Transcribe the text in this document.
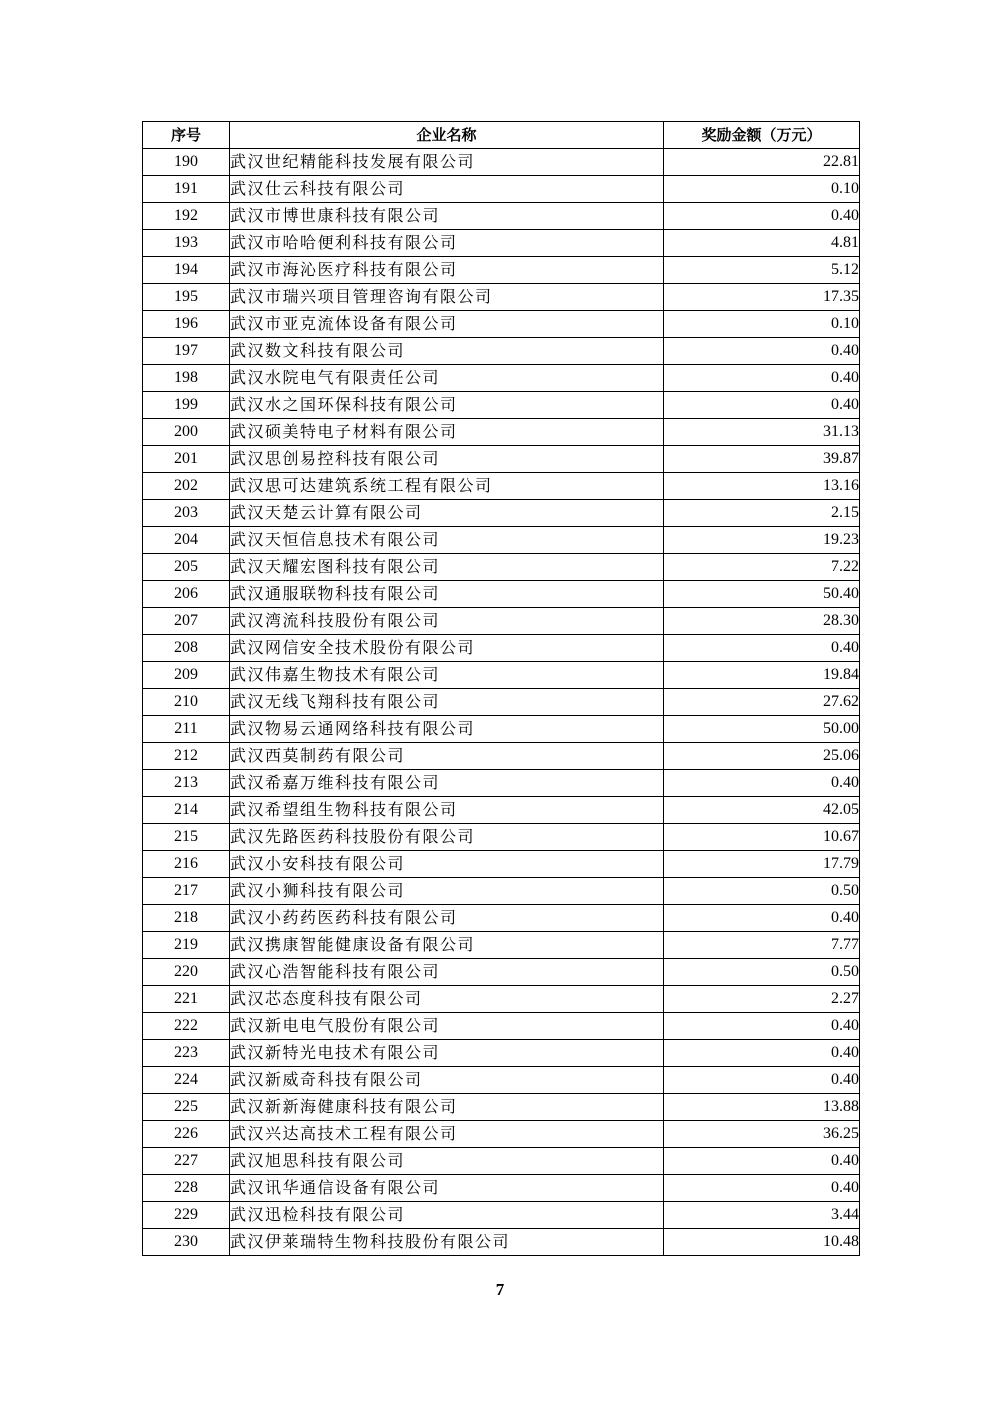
序号	企业名称	奖励金额（万元）
190	武汉世纪精能科技发展有限公司	22.81
191	武汉仕云科技有限公司	0.10
192	武汉市博世康科技有限公司	0.40
193	武汉市哈哈便利科技有限公司	4.81
194	武汉市海沁医疗科技有限公司	5.12
195	武汉市瑞兴项目管理咨询有限公司	17.35
196	武汉市亚克流体设备有限公司	0.10
197	武汉数文科技有限公司	0.40
198	武汉水院电气有限责任公司	0.40
199	武汉水之国环保科技有限公司	0.40
200	武汉硕美特电子材料有限公司	31.13
201	武汉思创易控科技有限公司	39.87
202	武汉思可达建筑系统工程有限公司	13.16
203	武汉天楚云计算有限公司	2.15
204	武汉天恒信息技术有限公司	19.23
205	武汉天耀宏图科技有限公司	7.22
206	武汉通服联物科技有限公司	50.40
207	武汉湾流科技股份有限公司	28.30
208	武汉网信安全技术股份有限公司	0.40
209	武汉伟嘉生物技术有限公司	19.84
210	武汉无线飞翔科技有限公司	27.62
211	武汉物易云通网络科技有限公司	50.00
212	武汉西莫制药有限公司	25.06
213	武汉希嘉万维科技有限公司	0.40
214	武汉希望组生物科技有限公司	42.05
215	武汉先路医药科技股份有限公司	10.67
216	武汉小安科技有限公司	17.79
217	武汉小狮科技有限公司	0.50
218	武汉小药药医药科技有限公司	0.40
219	武汉携康智能健康设备有限公司	7.77
220	武汉心浩智能科技有限公司	0.50
221	武汉芯态度科技有限公司	2.27
222	武汉新电电气股份有限公司	0.40
223	武汉新特光电技术有限公司	0.40
224	武汉新威奇科技有限公司	0.40
225	武汉新新海健康科技有限公司	13.88
226	武汉兴达高技术工程有限公司	36.25
227	武汉旭思科技有限公司	0.40
228	武汉讯华通信设备有限公司	0.40
229	武汉迅检科技有限公司	3.44
230	武汉伊莱瑞特生物科技股份有限公司	10.48
7
